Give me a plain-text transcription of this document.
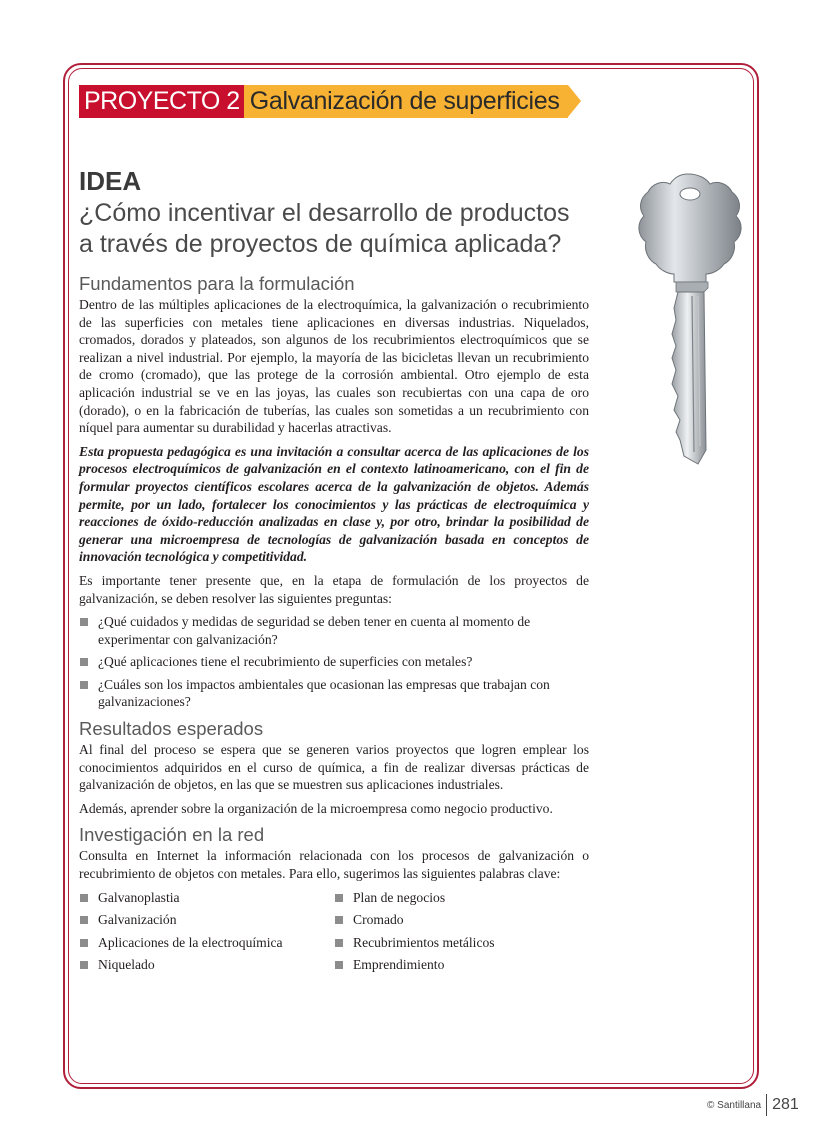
PROYECTO 2 Galvanización de superficies
IDEA
¿Cómo incentivar el desarrollo de productos
a través de proyectos de química aplicada?
Fundamentos para la formulación

Dentro de las múltiples aplicaciones de la electroquímica, la galvanización o recubrimiento de las superficies con metales tiene aplicaciones en diversas industrias. Niquelados, cromados, dorados y plateados, son algunos de los recubrimientos electroquímicos que se realizan a nivel industrial. Por ejemplo, la mayoría de las bicicletas llevan un recubrimiento de cromo (cromado), que las protege de la corrosión ambiental. Otro ejemplo de esta aplicación industrial se ve en las joyas, las cuales son recubiertas con una capa de oro (dorado), o en la fabricación de tuberías, las cuales son sometidas a un recubrimiento con níquel para aumentar su durabilidad y hacerlas atractivas.

Esta propuesta pedagógica es una invitación a consultar acerca de las aplicaciones de los procesos electroquímicos de galvanización en el contexto latinoamericano, con el fin de formular proyectos científicos escolares acerca de la galvanización de objetos. Además permite, por un lado, fortalecer los conocimientos y las prácticas de electroquímica y reacciones de óxido-reducción analizadas en clase y, por otro, brindar la posibilidad de generar una microempresa de tecnologías de galvanización basada en conceptos de innovación tecnológica y competitividad.

Es importante tener presente que, en la etapa de formulación de los proyectos de galvanización, se deben resolver las siguientes preguntas:

¿Qué cuidados y medidas de seguridad se deben tener en cuenta al momento de experimentar con galvanización?
¿Qué aplicaciones tiene el recubrimiento de superficies con metales?
¿Cuáles son los impactos ambientales que ocasionan las empresas que trabajan con galvanizaciones?
Resultados esperados

Al final del proceso se espera que se generen varios proyectos que logren emplear los conocimientos adquiridos en el curso de química, a fin de realizar diversas prácticas de galvanización de objetos, en las que se muestren sus aplicaciones industriales.

Además, aprender sobre la organización de la microempresa como negocio productivo.

Investigación en la red

Consulta en Internet la información relacionada con los procesos de galvanización o recubrimiento de objetos con metales. Para ello, sugerimos las siguientes palabras clave:

Galvanoplastia
Galvanización
Aplicaciones de la electroquímica
Niquelado
Plan de negocios
Cromado
Recubrimientos metálicos
Emprendimiento
© Santillana 281
